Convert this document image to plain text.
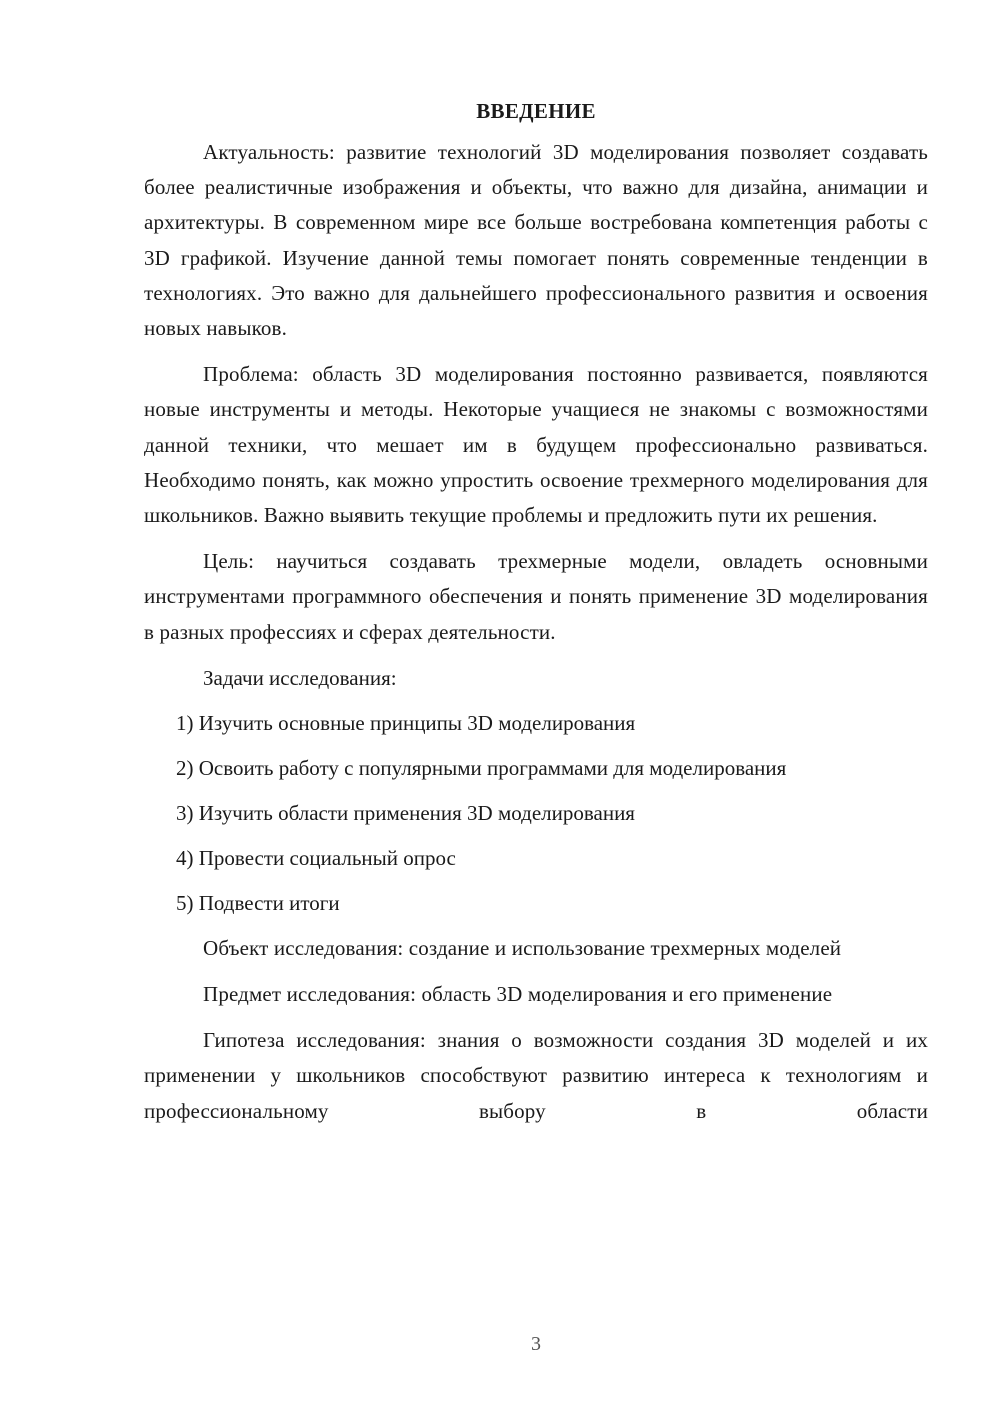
ВВЕДЕНИЕ

Актуальность: развитие технологий 3D моделирования позволяет создавать более реалистичные изображения и объекты, что важно для дизайна, анимации и архитектуры. В современном мире все больше востребована компетенция работы с 3D графикой. Изучение данной темы помогает понять современные тенденции в технологиях. Это важно для дальнейшего профессионального развития и освоения новых навыков.

Проблема: область 3D моделирования постоянно развивается, появляются новые инструменты и методы. Некоторые учащиеся не знакомы с возможностями данной техники, что мешает им в будущем профессионально развиваться. Необходимо понять, как можно упростить освоение трехмерного моделирования для школьников. Важно выявить текущие проблемы и предложить пути их решения.

Цель: научиться создавать трехмерные модели, овладеть основными инструментами программного обеспечения и понять применение 3D моделирования в разных профессиях и сферах деятельности.

Задачи исследования:
1) Изучить основные принципы 3D моделирования
2) Освоить работу с популярными программами для моделирования
3) Изучить области применения 3D моделирования
4) Провести социальный опрос
5) Подвести итоги

Объект исследования: создание и использование трехмерных моделей

Предмет исследования: область 3D моделирования и его применение

Гипотеза исследования: знания о возможности создания 3D моделей и их применении у школьников способствуют развитию интереса к технологиям и профессиональному выбору в области

3
